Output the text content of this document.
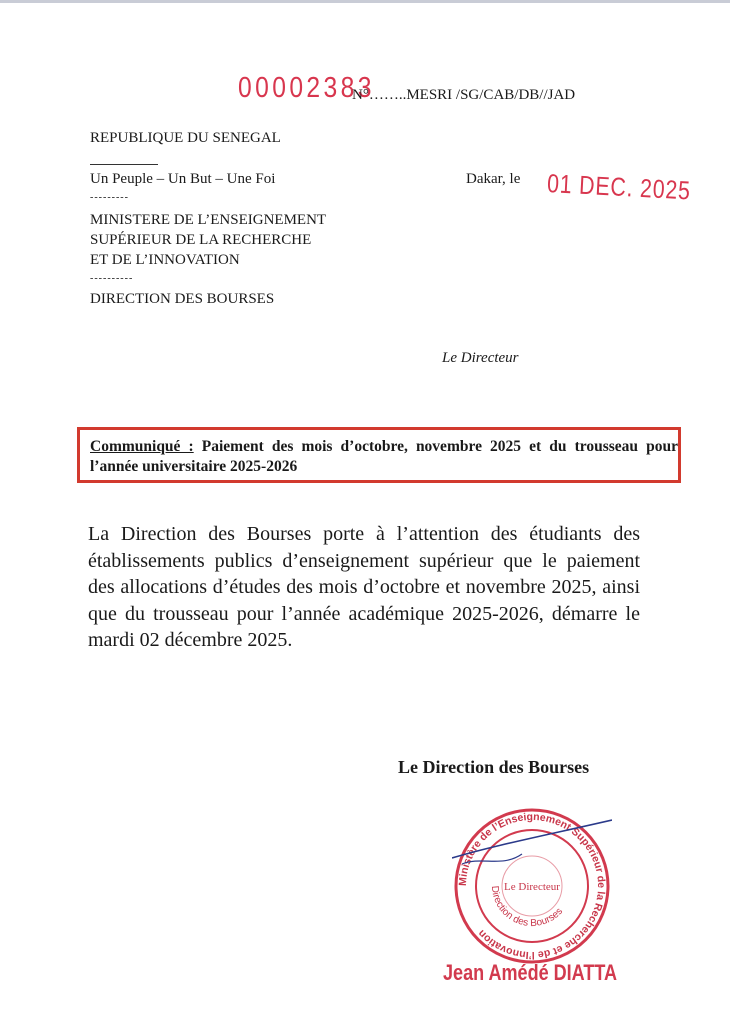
00002383
N°……..MESRI /SG/CAB/DB//JAD
REPUBLIQUE DU SENEGAL
Un Peuple – Un But – Une Foi
---------
MINISTERE DE L’ENSEIGNEMENT
SUPÉRIEUR DE LA RECHERCHE
ET DE L’INNOVATION
----------
DIRECTION DES BOURSES
Dakar, le 01 DEC. 2025
Le Directeur
Communiqué : Paiement des mois d’octobre, novembre 2025 et du trousseau pour l’année universitaire 2025-2026
La Direction des Bourses porte à l’attention des étudiants des établissements publics d’enseignement supérieur que le paiement des allocations d’études des mois d’octobre et novembre 2025, ainsi que du trousseau pour l’année académique 2025-2026, démarre le mardi 02 décembre 2025.
Le Direction des Bourses
Ministère de l’Enseignement Supérieur de la Recherche et de l’Innovation
Direction des Bourses
Le Directeur
Jean Amédé DIATTA
